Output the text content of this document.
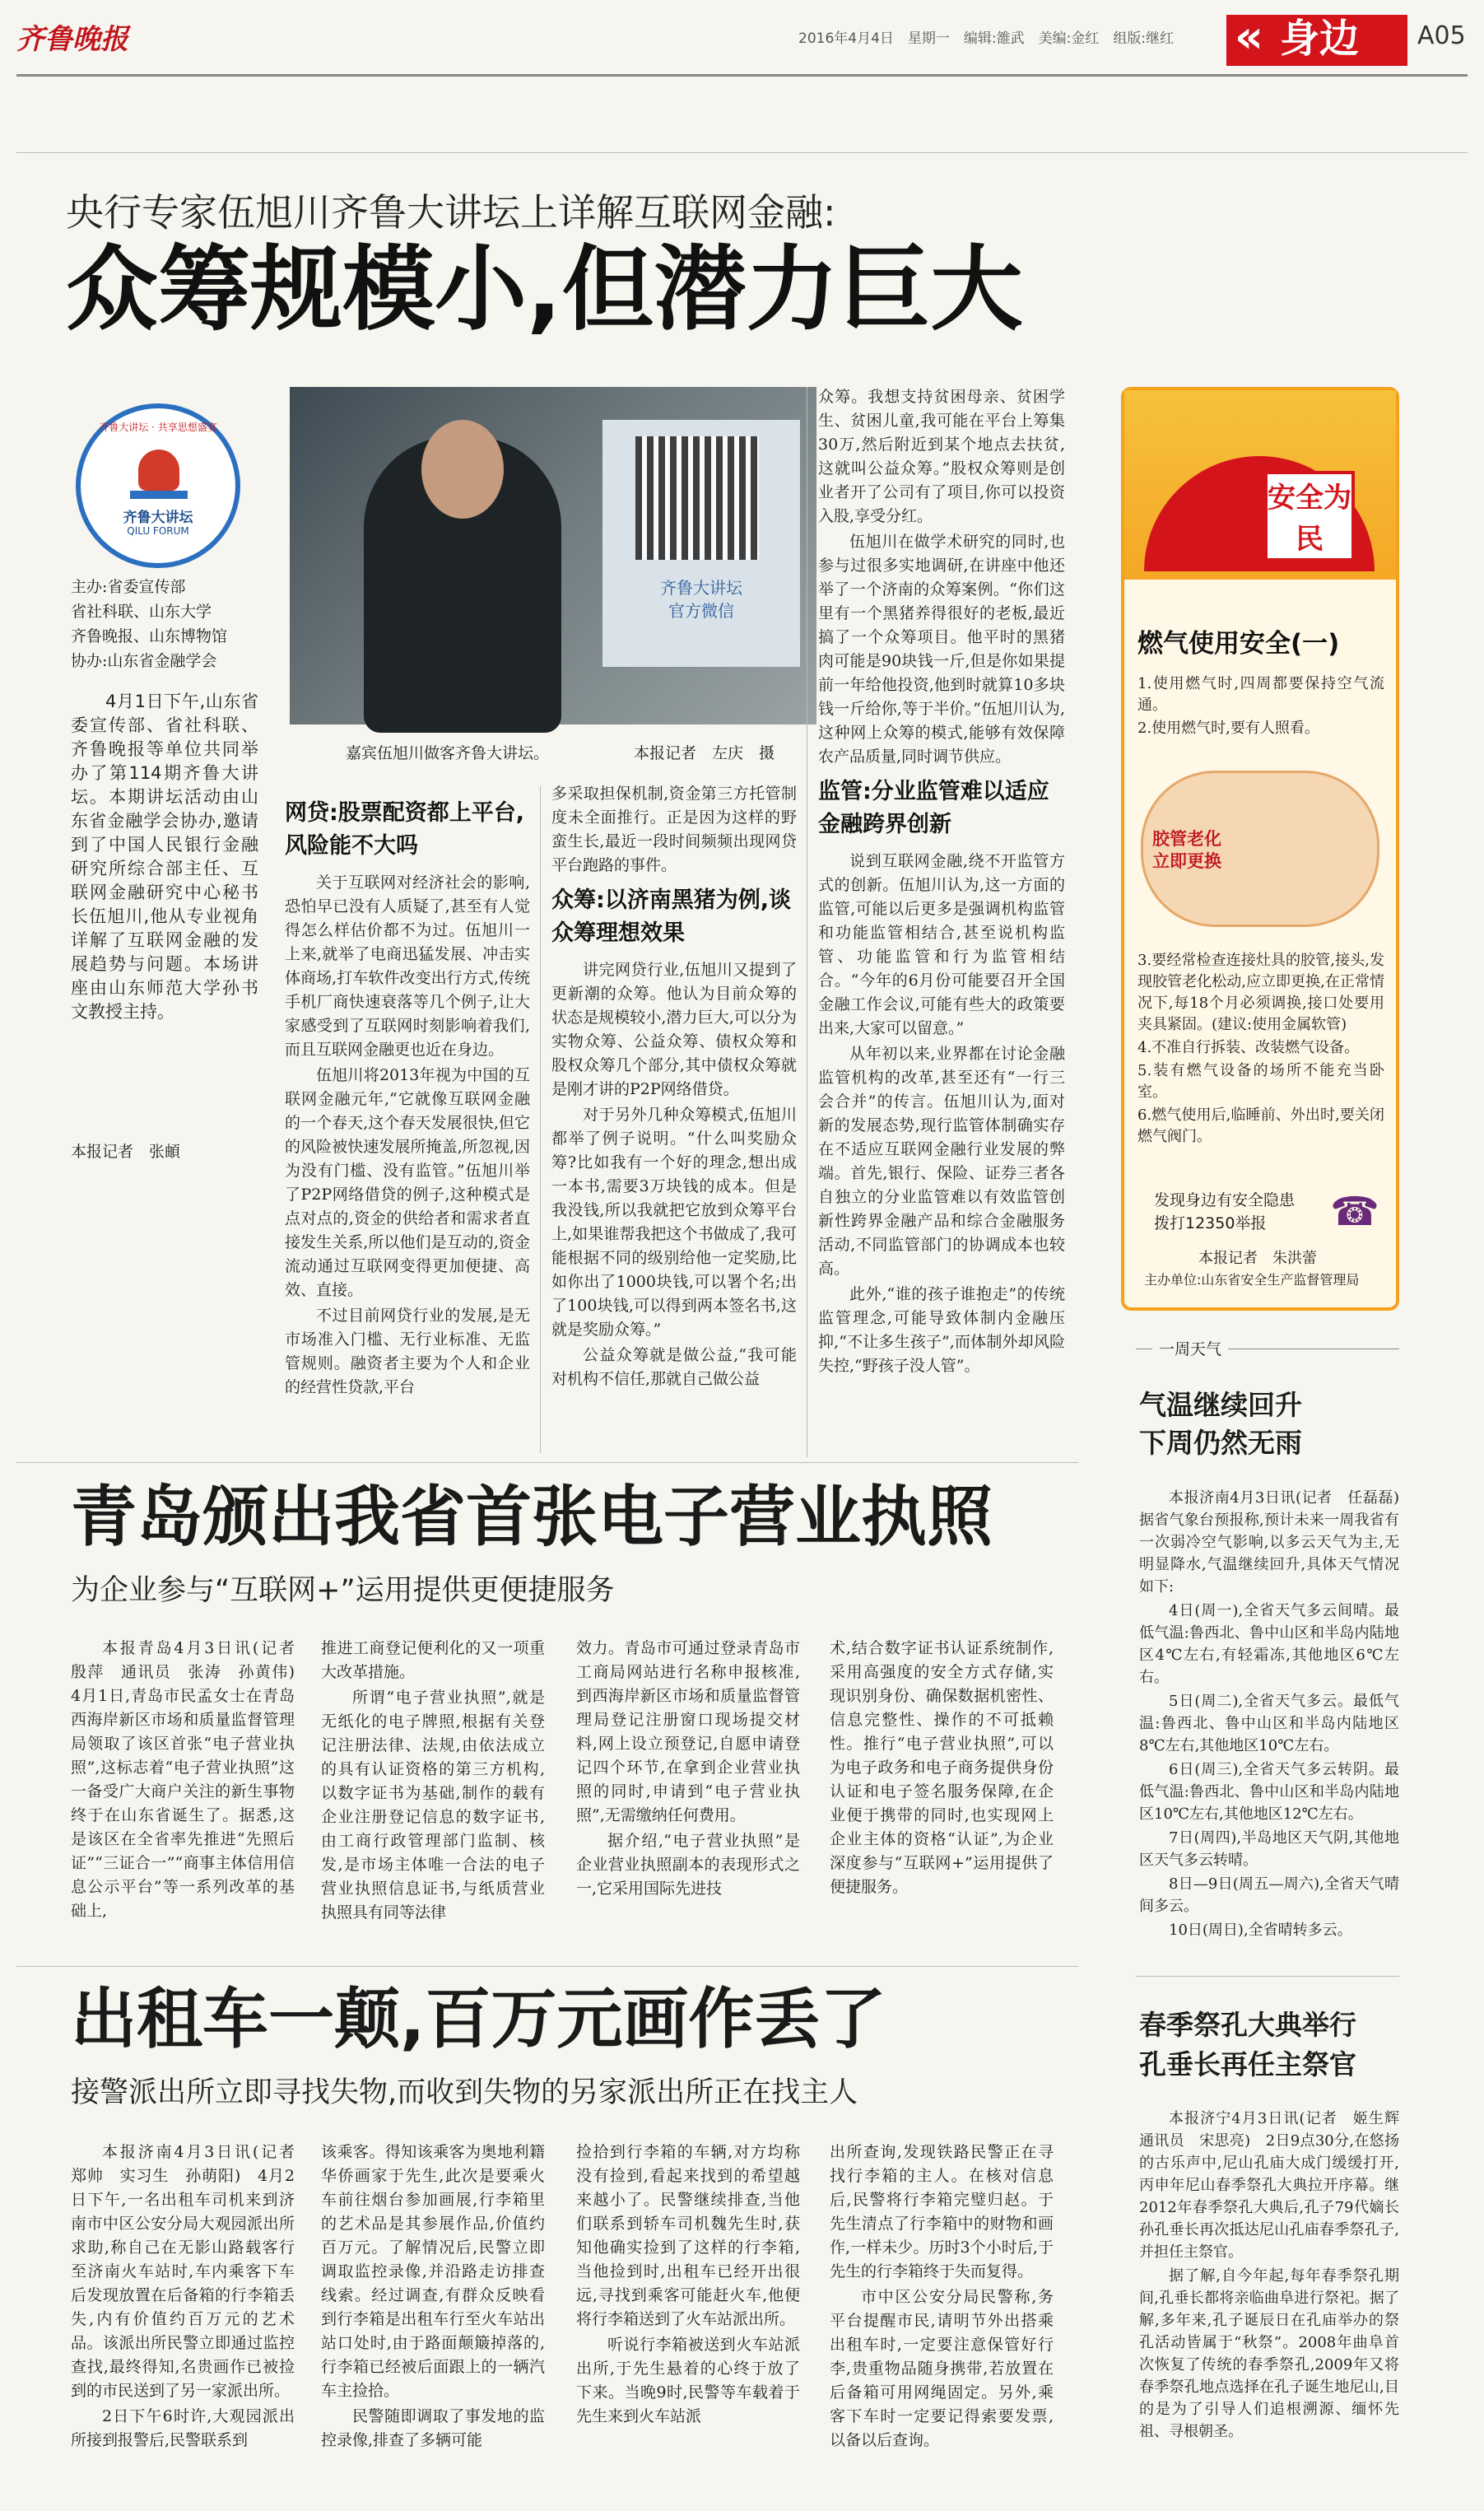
齐鲁晚报	2016年4月4日　星期一　编辑:雒武　美编:金红　组版:继红 « 身边 A05
央行专家伍旭川齐鲁大讲坛上详解互联网金融:
众筹规模小,但潜力巨大
齐鲁大讲坛 · 共享思想盛宴
齐鲁大讲坛
QILU FORUM
主办:省委宣传部
省社科联、山东大学
齐鲁晚报、山东博物馆
协办:山东省金融学会

4月1日下午,山东省委宣传部、省社科联、齐鲁晚报等单位共同举办了第114期齐鲁大讲坛。本期讲坛活动由山东省金融学会协办,邀请到了中国人民银行金融研究所综合部主任、互联网金融研究中心秘书长伍旭川,他从专业视角详解了互联网金融的发展趋势与问题。本场讲座由山东师范大学孙书文教授主持。

本报记者　张頔
齐鲁大讲坛
官方微信
嘉宾伍旭川做客齐鲁大讲坛。	本报记者　左庆　摄
网贷:股票配资都上平台,风险能不大吗

关于互联网对经济社会的影响,恐怕早已没有人质疑了,甚至有人觉得怎么样估价都不为过。伍旭川一上来,就举了电商迅猛发展、冲击实体商场,打车软件改变出行方式,传统手机厂商快速衰落等几个例子,让大家感受到了互联网时刻影响着我们,而且互联网金融更也近在身边。

伍旭川将2013年视为中国的互联网金融元年,“它就像互联网金融的一个春天,这个春天发展很快,但它的风险被快速发展所掩盖,所忽视,因为没有门槛、没有监管。”伍旭川举了P2P网络借贷的例子,这种模式是点对点的,资金的供给者和需求者直接发生关系,所以他们是互动的,资金流动通过互联网变得更加便捷、高效、直接。

不过目前网贷行业的发展,是无市场准入门槛、无行业标准、无监管规则。融资者主要为个人和企业的经营性贷款,平台

多采取担保机制,资金第三方托管制度未全面推行。正是因为这样的野蛮生长,最近一段时间频频出现网贷平台跑路的事件。

众筹:以济南黑猪为例,谈众筹理想效果

讲完网贷行业,伍旭川又提到了更新潮的众筹。他认为目前众筹的状态是规模较小,潜力巨大,可以分为实物众筹、公益众筹、债权众筹和股权众筹几个部分,其中债权众筹就是刚才讲的P2P网络借贷。

对于另外几种众筹模式,伍旭川都举了例子说明。“什么叫奖励众筹?比如我有一个好的理念,想出成一本书,需要3万块钱的成本。但是我没钱,所以我就把它放到众筹平台上,如果谁帮我把这个书做成了,我可能根据不同的级别给他一定奖励,比如你出了1000块钱,可以署个名;出了100块钱,可以得到两本签名书,这就是奖励众筹。”

公益众筹就是做公益,“我可能对机构不信任,那就自己做公益

众筹。我想支持贫困母亲、贫困学生、贫困儿童,我可能在平台上筹集30万,然后附近到某个地点去扶贫,这就叫公益众筹。”股权众筹则是创业者开了公司有了项目,你可以投资入股,享受分红。

伍旭川在做学术研究的同时,也参与过很多实地调研,在讲座中他还举了一个济南的众筹案例。“你们这里有一个黑猪养得很好的老板,最近搞了一个众筹项目。他平时的黑猪肉可能是90块钱一斤,但是你如果提前一年给他投资,他到时就算10多块钱一斤给你,等于半价。”伍旭川认为,这种网上众筹的模式,能够有效保障农产品质量,同时调节供应。

监管:分业监管难以适应金融跨界创新

说到互联网金融,绕不开监管方式的创新。伍旭川认为,这一方面的监管,可能以后更多是强调机构监管和功能监管相结合,甚至说机构监管、功能监管和行为监管相结合。“今年的6月份可能要召开全国金融工作会议,可能有些大的政策要出来,大家可以留意。”

从年初以来,业界都在讨论金融监管机构的改革,甚至还有“一行三会合并”的传言。伍旭川认为,面对新的发展态势,现行监管体制确实存在不适应互联网金融行业发展的弊端。首先,银行、保险、证券三者各自独立的分业监管难以有效监管创新性跨界金融产品和综合金融服务活动,不同监管部门的协调成本也较高。

此外,“谁的孩子谁抱走”的传统监管理念,可能导致体制内金融压抑,“不让多生孩子”,而体制外却风险失控,“野孩子没人管”。

安全为民
燃气使用安全(一)

1.使用燃气时,四周都要保持空气流通。

2.使用燃气时,要有人照看。

胶管老化
立即更换

3.要经常检查连接灶具的胶管,接头,发现胶管老化松动,应立即更换,在正常情况下,每18个月必须调换,接口处要用夹具紧固。(建议:使用金属软管)

4.不准自行拆装、改装燃气设备。

5.装有燃气设备的场所不能充当卧室。

6.燃气使用后,临睡前、外出时,要关闭燃气阀门。

发现身边有安全隐患
拨打12350举报	☎
本报记者　朱洪蕾
主办单位:山东省安全生产监督管理局
一周天气
气温继续回升
下周仍然无雨

本报济南4月3日讯(记者　任磊磊)　据省气象台预报称,预计未来一周我省有一次弱冷空气影响,以多云天气为主,无明显降水,气温继续回升,具体天气情况如下:

4日(周一),全省天气多云间晴。最低气温:鲁西北、鲁中山区和半岛内陆地区4℃左右,有轻霜冻,其他地区6℃左右。

5日(周二),全省天气多云。最低气温:鲁西北、鲁中山区和半岛内陆地区8℃左右,其他地区10℃左右。

6日(周三),全省天气多云转阴。最低气温:鲁西北、鲁中山区和半岛内陆地区10℃左右,其他地区12℃左右。

7日(周四),半岛地区天气阴,其他地区天气多云转晴。

8日—9日(周五—周六),全省天气晴间多云。

10日(周日),全省晴转多云。

春季祭孔大典举行
孔垂长再任主祭官

本报济宁4月3日讯(记者　姬生辉　通讯员　宋思亮)　2日9点30分,在悠扬的古乐声中,尼山孔庙大成门缓缓打开,丙申年尼山春季祭孔大典拉开序幕。继2012年春季祭孔大典后,孔子79代嫡长孙孔垂长再次抵达尼山孔庙春季祭孔子,并担任主祭官。

据了解,自今年起,每年春季祭孔期间,孔垂长都将亲临曲阜进行祭祀。据了解,多年来,孔子诞辰日在孔庙举办的祭孔活动皆属于“秋祭”。2008年曲阜首次恢复了传统的春季祭孔,2009年又将春季祭孔地点选择在孔子诞生地尼山,目的是为了引导人们追根溯源、缅怀先祖、寻根朝圣。

青岛颁出我省首张电子营业执照
为企业参与“互联网+”运用提供更便捷服务

本报青岛4月3日讯(记者　殷萍　通讯员　张涛　孙黄伟)　4月1日,青岛市民孟女士在青岛西海岸新区市场和质量监督管理局领取了该区首张“电子营业执照”,这标志着“电子营业执照”这一备受广大商户关注的新生事物终于在山东省诞生了。据悉,这是该区在全省率先推进“先照后证”“三证合一”“商事主体信用信息公示平台”等一系列改革的基础上,

推进工商登记便利化的又一项重大改革措施。

所谓“电子营业执照”,就是无纸化的电子牌照,根据有关登记注册法律、法规,由依法成立的具有认证资格的第三方机构,以数字证书为基础,制作的载有企业注册登记信息的数字证书,由工商行政管理部门监制、核发,是市场主体唯一合法的电子营业执照信息证书,与纸质营业执照具有同等法律

效力。青岛市可通过登录青岛市工商局网站进行名称申报核准,到西海岸新区市场和质量监督管理局登记注册窗口现场提交材料,网上设立预登记,自愿申请登记四个环节,在拿到企业营业执照的同时,申请到“电子营业执照”,无需缴纳任何费用。

据介绍,“电子营业执照”是企业营业执照副本的表现形式之一,它采用国际先进技

术,结合数字证书认证系统制作,采用高强度的安全方式存储,实现识别身份、确保数据机密性、信息完整性、操作的不可抵赖性。推行“电子营业执照”,可以为电子政务和电子商务提供身份认证和电子签名服务保障,在企业便于携带的同时,也实现网上企业主体的资格“认证”,为企业深度参与“互联网+”运用提供了便捷服务。

出租车一颠,百万元画作丢了
接警派出所立即寻找失物,而收到失物的另家派出所正在找主人

本报济南4月3日讯(记者　郑帅　实习生　孙萌阳)　4月2日下午,一名出租车司机来到济南市中区公安分局大观园派出所求助,称自己在无影山路载客行至济南火车站时,车内乘客下车后发现放置在后备箱的行李箱丢失,内有价值约百万元的艺术品。该派出所民警立即通过监控查找,最终得知,名贵画作已被捡到的市民送到了另一家派出所。

2日下午6时许,大观园派出所接到报警后,民警联系到

该乘客。得知该乘客为奥地利籍华侨画家于先生,此次是要乘火车前往烟台参加画展,行李箱里的艺术品是其参展作品,价值约百万元。了解情况后,民警立即调取监控录像,并沿路走访排查线索。经过调查,有群众反映看到行李箱是出租车行至火车站出站口处时,由于路面颠簸掉落的,行李箱已经被后面跟上的一辆汽车主捡拾。

民警随即调取了事发地的监控录像,排查了多辆可能

捡拾到行李箱的车辆,对方均称没有捡到,看起来找到的希望越来越小了。民警继续排查,当他们联系到轿车司机魏先生时,获知他确实捡到了这样的行李箱,当他捡到时,出租车已经开出很远,寻找到乘客可能赶火车,他便将行李箱送到了火车站派出所。

听说行李箱被送到火车站派出所,于先生悬着的心终于放了下来。当晚9时,民警等车载着于先生来到火车站派

出所查询,发现铁路民警正在寻找行李箱的主人。在核对信息后,民警将行李箱完璧归赵。于先生清点了行李箱中的财物和画作,一样未少。历时3个小时后,于先生的行李箱终于失而复得。

市中区公安分局民警称,务平台提醒市民,请明节外出搭乘出租车时,一定要注意保管好行李,贵重物品随身携带,若放置在后备箱可用网绳固定。另外,乘客下车时一定要记得索要发票,以备以后查询。
